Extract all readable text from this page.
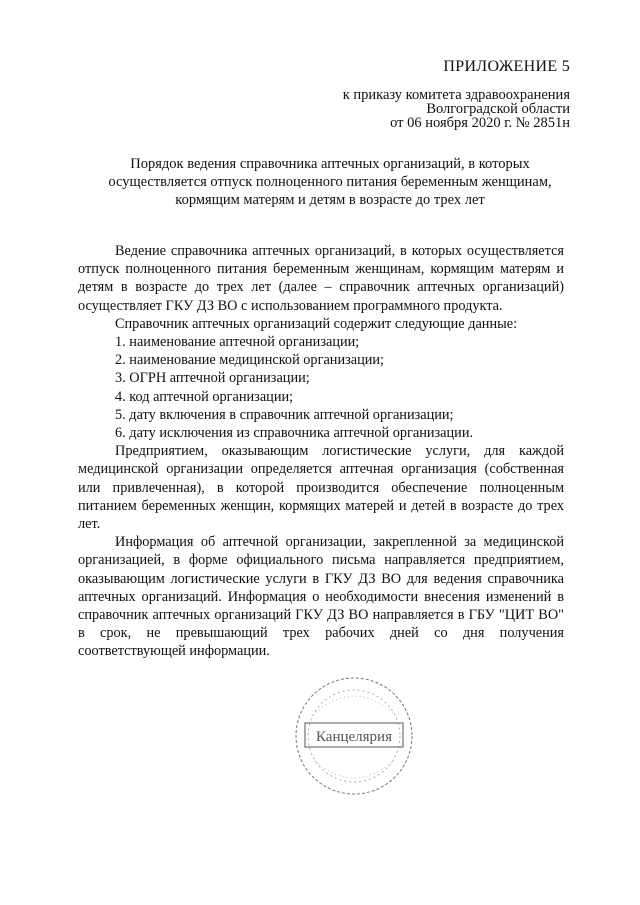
ПРИЛОЖЕНИЕ 5
к приказу комитета здравоохранения
Волгоградской области
от 06 ноября 2020 г. № 2851н
Порядок ведения справочника аптечных организаций, в которых
осуществляется отпуск полноценного питания беременным женщинам,
кормящим матерям и детям в возрасте до трех лет

Ведение справочника аптечных организаций, в которых осуществляется отпуск полноценного питания беременным женщинам, кормящим матерям и детям в возрасте до трех лет (далее – справочник аптечных организаций) осуществляет ГКУ ДЗ ВО с использованием программного продукта.

Справочник аптечных организаций содержит следующие данные:

1. наименование аптечной организации;

2. наименование медицинской организации;

3. ОГРН аптечной организации;

4. код аптечной организации;

5. дату включения в справочник аптечной организации;

6. дату исключения из справочника аптечной организации.

Предприятием, оказывающим логистические услуги, для каждой медицинской организации определяется аптечная организация (собственная или привлеченная), в которой производится обеспечение полноценным питанием беременных женщин, кормящих матерей и детей в возрасте до трех лет.

Информация об аптечной организации, закрепленной за медицинской организацией, в форме официального письма направляется предприятием, оказывающим логистические услуги в ГКУ ДЗ ВО для ведения справочника аптечных организаций. Информация о необходимости внесения изменений в справочник аптечных организаций ГКУ ДЗ ВО направляется в ГБУ "ЦИТ ВО" в срок, не превышающий трех рабочих дней со дня получения соответствующей информации.

Канцелярия
